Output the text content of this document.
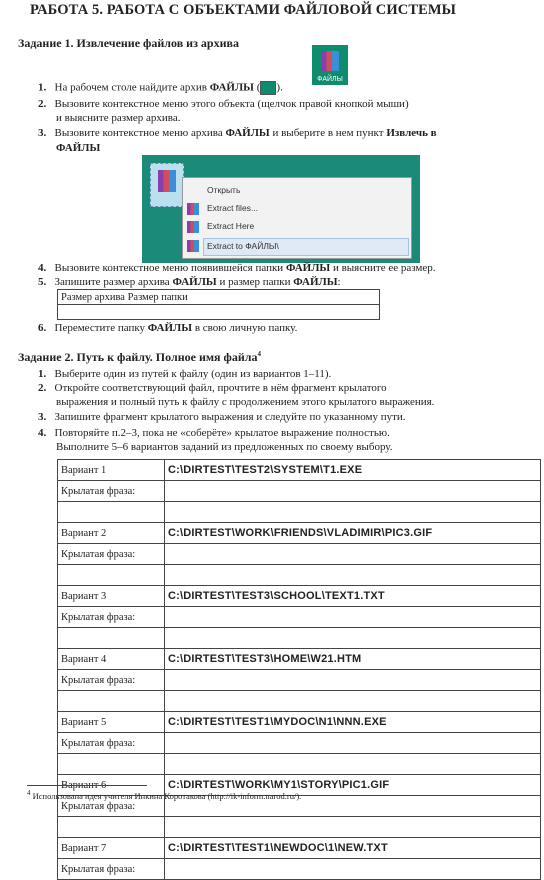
РАБОТА 5. РАБОТА С ОБЪЕКТАМИ ФАЙЛОВОЙ СИСТЕМЫ
Задание 1. Извлечение файлов из архива
ФАЙЛЫ
1. На рабочем столе найдите архив ФАЙЛЫ ( ).
2. Вызовите контекстное меню этого объекта (щелчок правой кнопкой мыши)
и выясните размер архива.
3. Вызовите контекстное меню архива ФАЙЛЫ и выберите в нем пункт Извлечь в
ФАЙЛЫ
Открыть
Extract files...
Extract Here
Extract to ФАЙЛЫ\
4. Вызовите контекстное меню появившейся папки ФАЙЛЫ и выясните ее размер.
5. Запишите размер архива ФАЙЛЫ и размер папки ФАЙЛЫ:
Размер архива Размер папки

6. Переместите папку ФАЙЛЫ в свою личную папку.
Задание 2. Путь к файлу. Полное имя файла$^4$
1. Выберите один из путей к файлу (один из вариантов 1–11).
2. Откройте соответствующий файл, прочтите в нём фрагмент крылатого
выражения и полный путь к файлу с продолжением этого крылатого выражения.
3. Запишите фрагмент крылатого выражения и следуйте по указанному пути.
4. Повторяйте п.2–3, пока не «соберёте» крылатое выражение полностью.
Выполните 5–6 вариантов заданий из предложенных по своему выбору.
Вариант 1	C:\DIRTEST\TEST2\SYSTEM\T1.EXE
Крылатая фраза:	

Вариант 2	C:\DIRTEST\WORK\FRIENDS\VLADIMIR\PIC3.GIF
Крылатая фраза:	

Вариант 3	C:\DIRTEST\TEST3\SCHOOL\TEXT1.TXT
Крылатая фраза:	

Вариант 4	C:\DIRTEST\TEST3\HOME\W21.HTM
Крылатая фраза:	

Вариант 5	C:\DIRTEST\TEST1\MYDOC\N1\NNN.EXE
Крылатая фраза:	

Вариант 6	C:\DIRTEST\WORK\MY1\STORY\PIC1.GIF
Крылатая фраза:	

Вариант 7	C:\DIRTEST\TEST1\NEWDOC\1\NEW.TXT
Крылатая фраза:	
$^4$ Использована идея учителя Инкина Коротакова (http://ik-inform.narod.ru/).
